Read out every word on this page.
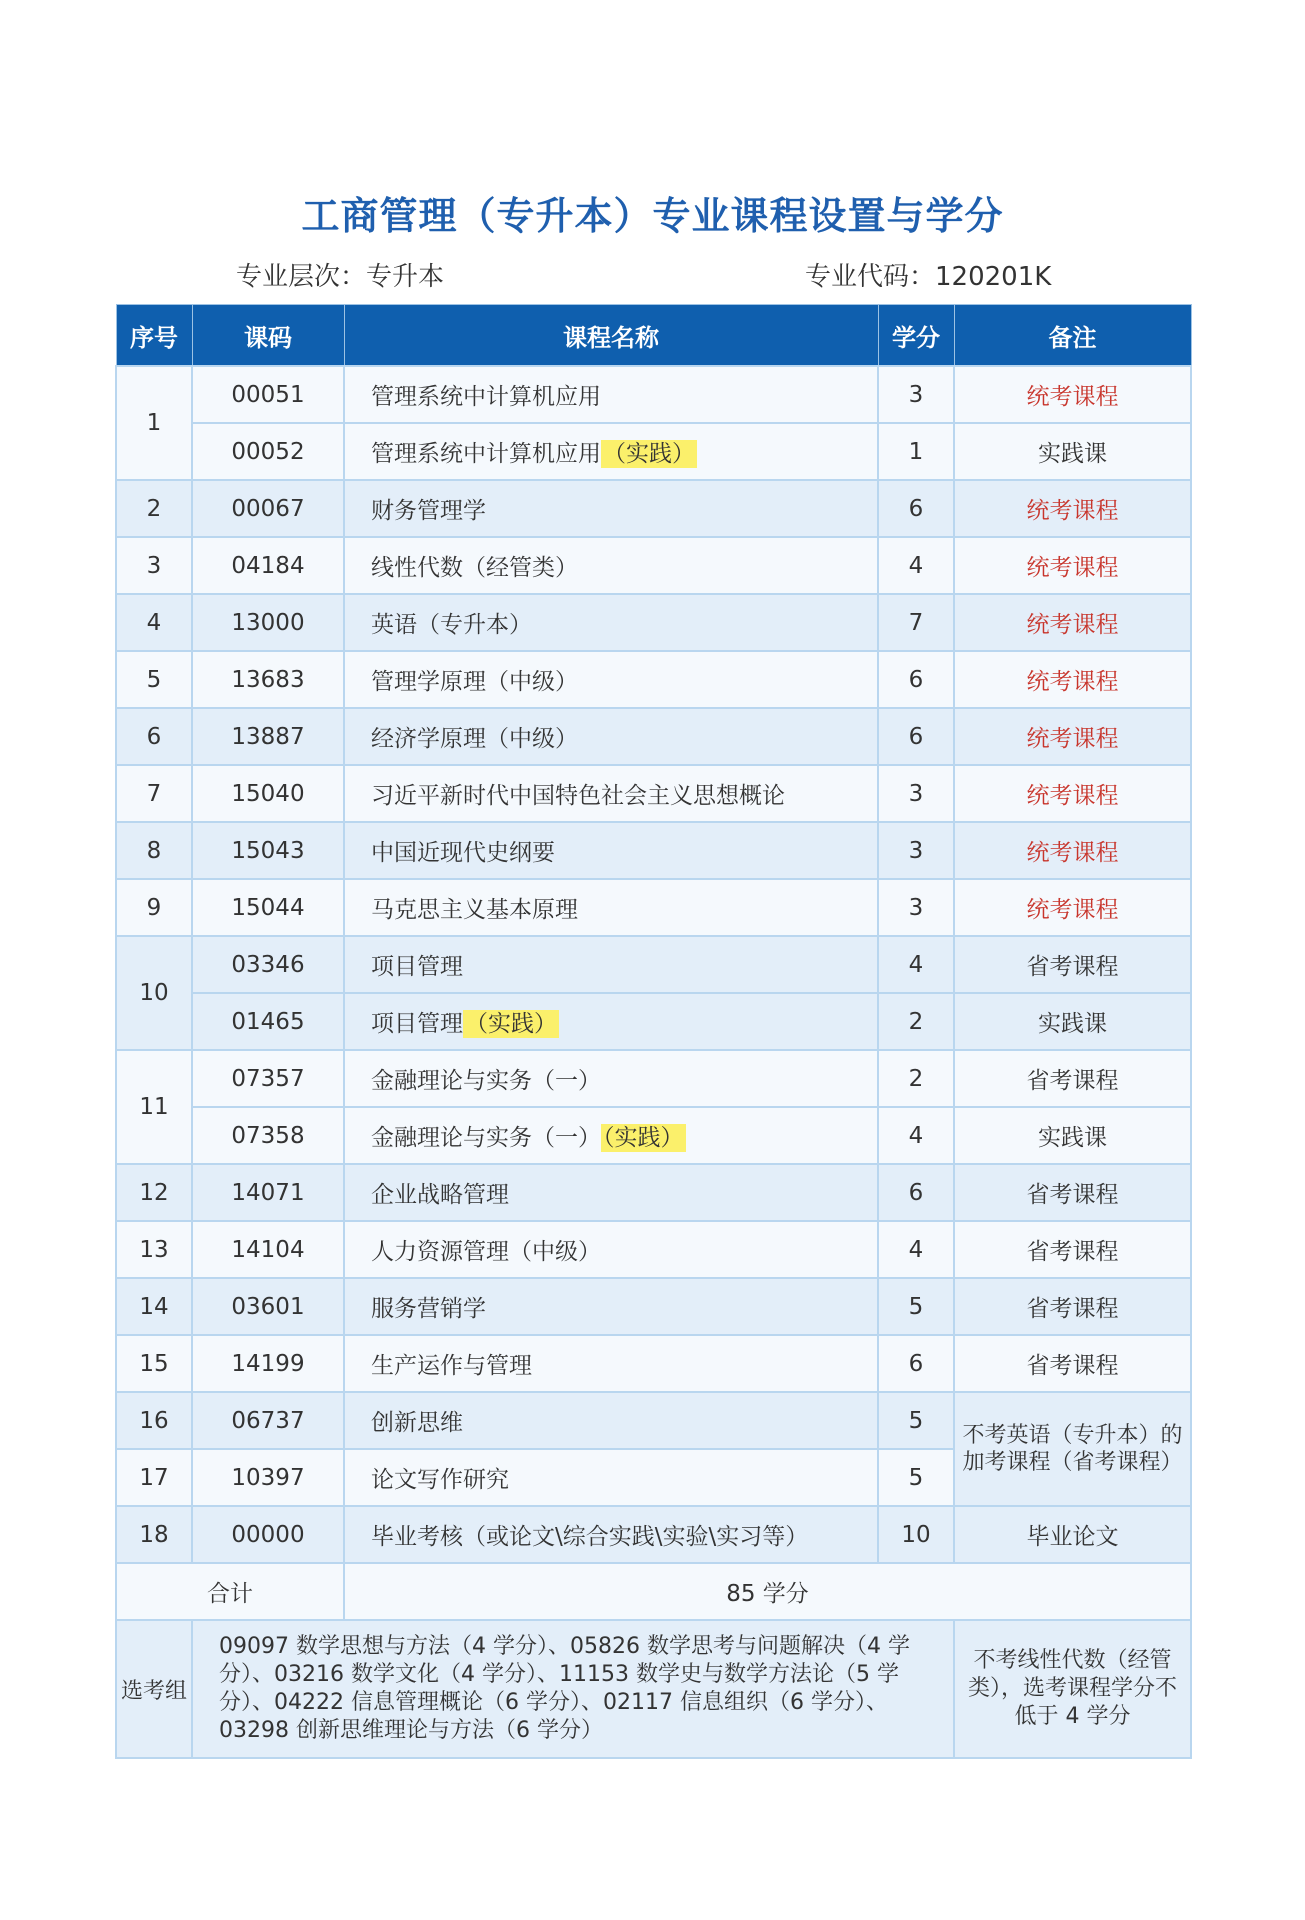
工商管理（专升本）专业课程设置与学分
专业层次：专升本	专业代码：120201K
序号	课码	课程名称	学分	备注
1	00051	管理系统中计算机应用	3	统考课程
	00052	管理系统中计算机应用（实践）	1	实践课
2	00067	财务管理学	6	统考课程
3	04184	线性代数（经管类）	4	统考课程
4	13000	英语（专升本）	7	统考课程
5	13683	管理学原理（中级）	6	统考课程
6	13887	经济学原理（中级）	6	统考课程
7	15040	习近平新时代中国特色社会主义思想概论	3	统考课程
8	15043	中国近现代史纲要	3	统考课程
9	15044	马克思主义基本原理	3	统考课程
10	03346	项目管理	4	省考课程
	01465	项目管理（实践）	2	实践课
11	07357	金融理论与实务（一）	2	省考课程
	07358	金融理论与实务（一）（实践）	4	实践课
12	14071	企业战略管理	6	省考课程
13	14104	人力资源管理（中级）	4	省考课程
14	03601	服务营销学	5	省考课程
15	14199	生产运作与管理	6	省考课程
16	06737	创新思维	5	不考英语（专升本）的加考课程（省考课程）
17	10397	论文写作研究	5	
18	00000	毕业考核（或论文\综合实践\实验\实习等）	10	毕业论文
合计		85 学分		
选考组	09097 数学思想与方法（4 学分）、05826 数学思考与问题解决（4 学分）、03216 数学文化（4 学分）、11153 数学史与数学方法论（5 学分）、04222 信息管理概论（6 学分）、02117 信息组织（6 学分）、03298 创新思维理论与方法（6 学分）			不考线性代数（经管类），选考课程学分不低于 4 学分
